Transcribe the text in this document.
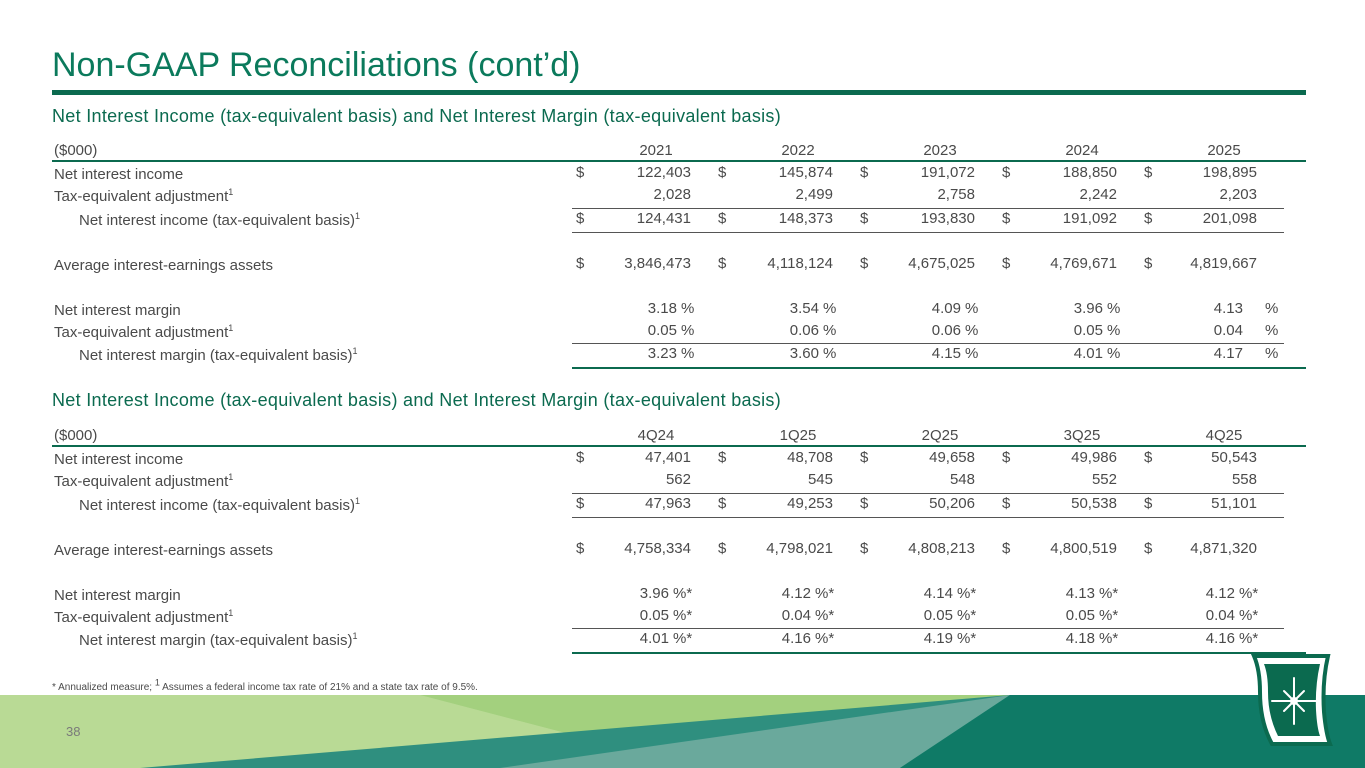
Non-GAAP Reconciliations (cont’d)
Net Interest Income (tax-equivalent basis) and Net Interest Margin (tax-equivalent basis)
($000)	2021	2022	2023	2024	2025
Net interest income	$	122,403 $	145,874 $	191,072 $	188,850 $	198,895
Tax-equivalent adjustment$^1$	2,028	2,499	2,758	2,242	2,203
Net interest income (tax-equivalent basis)$^1$	$	124,431 $	148,373 $	193,830 $	191,092 $	201,098
Average interest-earnings assets	$	3,846,473 $	4,118,124 $	4,675,025 $	4,769,671 $	4,819,667
Net interest margin	3.18 %	3.54 %	4.09 %	3.96 %	4.13 %
Tax-equivalent adjustment$^1$	0.05 %	0.06 %	0.06 %	0.05 %	0.04 %
Net interest margin (tax-equivalent basis)$^1$	3.23 %	3.60 %	4.15 %	4.01 %	4.17 %
Net Interest Income (tax-equivalent basis) and Net Interest Margin (tax-equivalent basis)
($000)	4Q24	1Q25	2Q25	3Q25	4Q25
Net interest income	$	47,401 $	48,708 $	49,658 $	49,986 $	50,543
Tax-equivalent adjustment$^1$	562	545	548	552	558
Net interest income (tax-equivalent basis)$^1$	$	47,963 $	49,253 $	50,206 $	50,538 $	51,101
Average interest-earnings assets	$	4,758,334 $	4,798,021 $	4,808,213 $	4,800,519 $	4,871,320
Net interest margin	3.96 %*	4.12 %*	4.14 %*	4.13 %*	4.12 %*
Tax-equivalent adjustment$^1$	0.05 %*	0.04 %*	0.05 %*	0.05 %*	0.04 %*
Net interest margin (tax-equivalent basis)$^1$	4.01 %*	4.16 %*	4.19 %*	4.18 %*	4.16 %*
* Annualized measure; $^1$ Assumes a federal income tax rate of 21% and a state tax rate of 9.5%.
38
